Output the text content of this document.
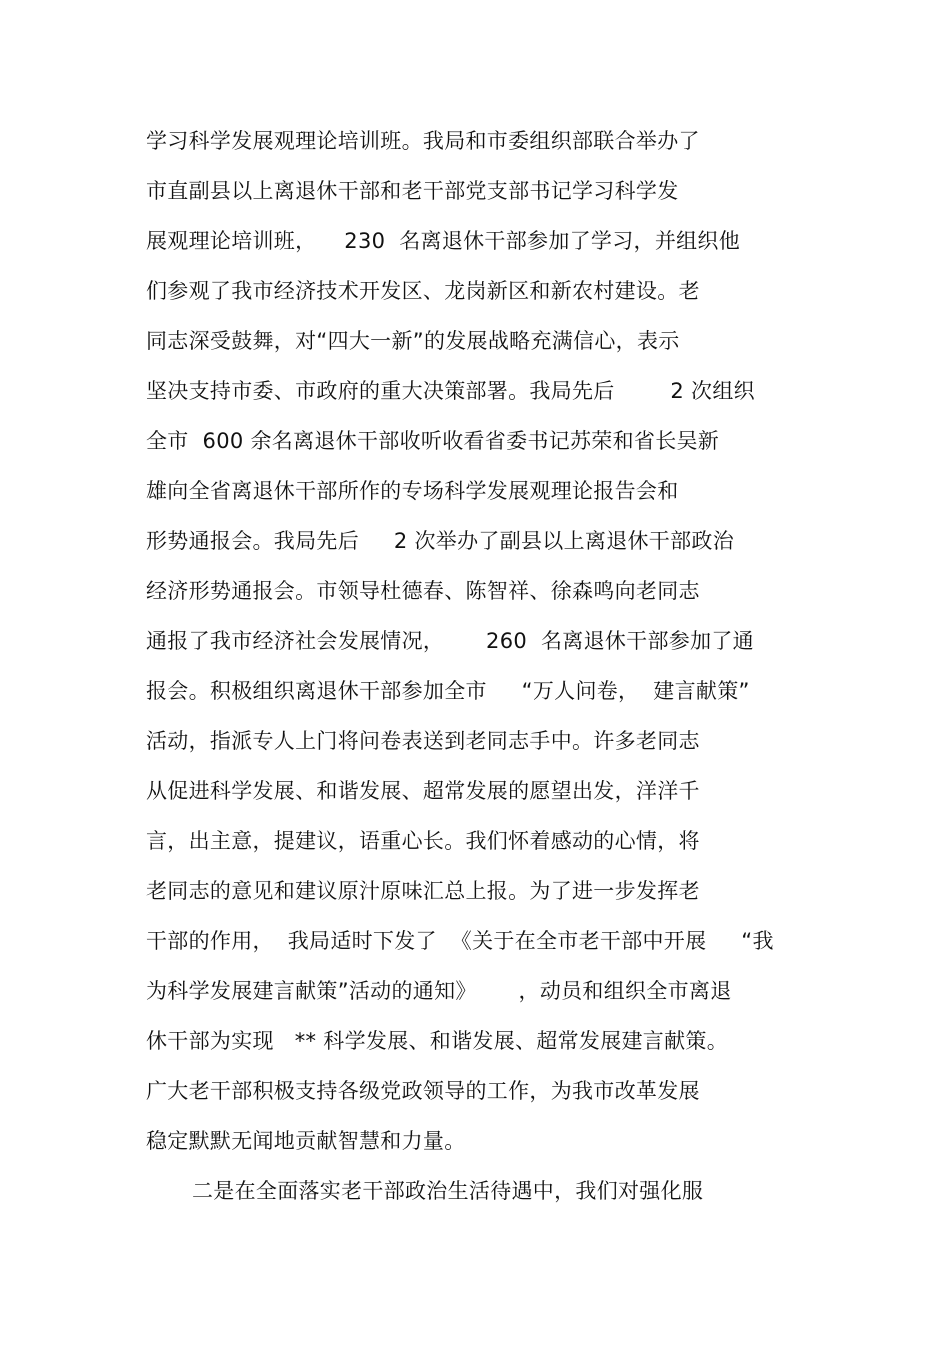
学习科学发展观理论培训班。我局和市委组织部联合举办了
市直副县以上离退休干部和老干部党支部书记学习科学发
展观理论培训班，    230  名离退休干部参加了学习，并组织他
们参观了我市经济技术开发区、龙岗新区和新农村建设。老
同志深受鼓舞，对“四大一新”的发展战略充满信心，表示
坚决支持市委、市政府的重大决策部署。我局先后        2 次组织
全市  600 余名离退休干部收听收看省委书记苏荣和省长吴新
雄向全省离退休干部所作的专场科学发展观理论报告会和
形势通报会。我局先后     2 次举办了副县以上离退休干部政治
经济形势通报会。市领导杜德春、陈智祥、徐森鸣向老同志
通报了我市经济社会发展情况，      260  名离退休干部参加了通
报会。积极组织离退休干部参加全市     “万人问卷，  建言献策”
活动，指派专人上门将问卷表送到老同志手中。许多老同志
从促进科学发展、和谐发展、超常发展的愿望出发，洋洋千
言，出主意，提建议，语重心长。我们怀着感动的心情，将
老同志的意见和建议原汁原味汇总上报。为了进一步发挥老
干部的作用，  我局适时下发了  《关于在全市老干部中开展     “我
为科学发展建言献策”活动的通知》      ，动员和组织全市离退
休干部为实现   ** 科学发展、和谐发展、超常发展建言献策。
广大老干部积极支持各级党政领导的工作，为我市改革发展
稳定默默无闻地贡献智慧和力量。
二是在全面落实老干部政治生活待遇中，我们对强化服
